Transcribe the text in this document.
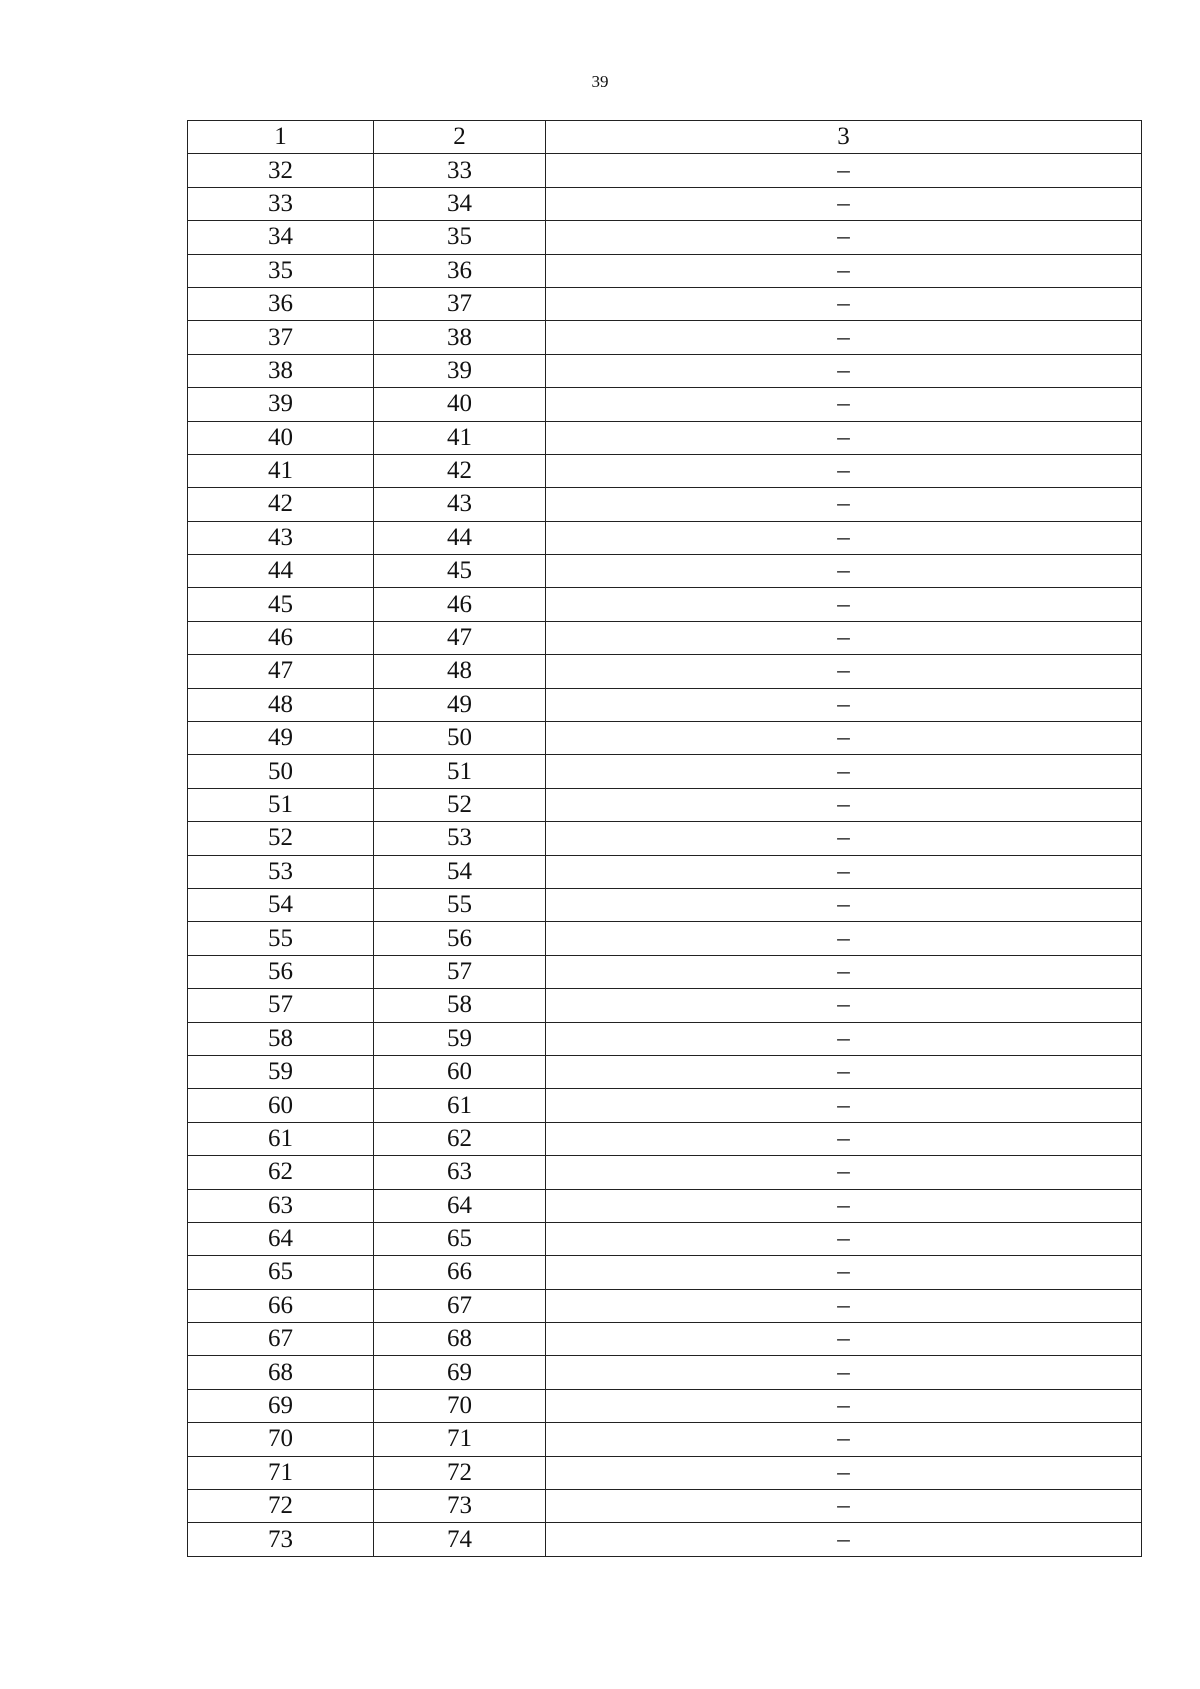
39
1	2	3
32	33	–
33	34	–
34	35	–
35	36	–
36	37	–
37	38	–
38	39	–
39	40	–
40	41	–
41	42	–
42	43	–
43	44	–
44	45	–
45	46	–
46	47	–
47	48	–
48	49	–
49	50	–
50	51	–
51	52	–
52	53	–
53	54	–
54	55	–
55	56	–
56	57	–
57	58	–
58	59	–
59	60	–
60	61	–
61	62	–
62	63	–
63	64	–
64	65	–
65	66	–
66	67	–
67	68	–
68	69	–
69	70	–
70	71	–
71	72	–
72	73	–
73	74	–
